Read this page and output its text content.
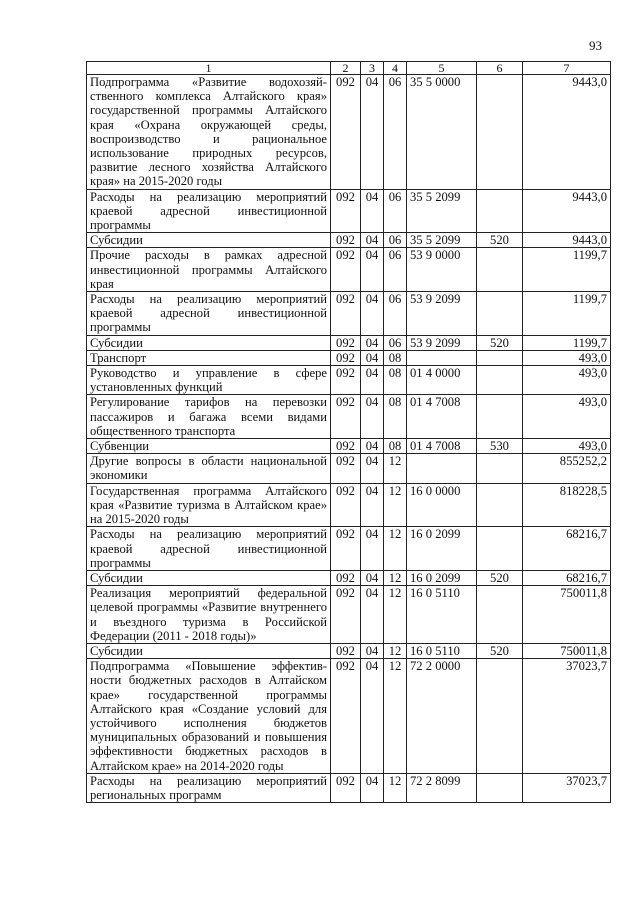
93
1	2	3	4	5	6	7
Подпрограмма «Развитие водохозяйственного комплекса Алтайского края» государственной программы Алтайского края «Охрана окружающей среды, воспроизводство и рациональное использование природных ресурсов, развитие лесного хозяйства Алтайского края» на 2015-2020 годы	092	04	06	35 5 0000		9443,0
Расходы на реализацию мероприятий краевой адресной инвестиционной программы	092	04	06	35 5 2099		9443,0
Субсидии	092	04	06	35 5 2099	520	9443,0
Прочие расходы в рамках адресной инвестиционной программы Алтайского края	092	04	06	53 9 0000		1199,7
Расходы на реализацию мероприятий краевой адресной инвестиционной программы	092	04	06	53 9 2099		1199,7
Субсидии	092	04	06	53 9 2099	520	1199,7
Транспорт	092	04	08			493,0
Руководство и управление в сфере установленных функций	092	04	08	01 4 0000		493,0
Регулирование тарифов на перевозки пассажиров и багажа всеми видами общественного транспорта	092	04	08	01 4 7008		493,0
Субвенции	092	04	08	01 4 7008	530	493,0
Другие вопросы в области национальной экономики	092	04	12			855252,2
Государственная программа Алтайского края «Развитие туризма в Алтайском крае» на 2015-2020 годы	092	04	12	16 0 0000		818228,5
Расходы на реализацию мероприятий краевой адресной инвестиционной программы	092	04	12	16 0 2099		68216,7
Субсидии	092	04	12	16 0 2099	520	68216,7
Реализация мероприятий федеральной целевой программы «Развитие внутреннего и въездного туризма в Российской Федерации (2011 - 2018 годы)»	092	04	12	16 0 5110		750011,8
Субсидии	092	04	12	16 0 5110	520	750011,8
Подпрограмма «Повышение эффективности бюджетных расходов в Алтайском крае» государственной программы Алтайского края «Создание условий для устойчивого исполнения бюджетов муниципальных образований и повышения эффективности бюджетных расходов в Алтайском крае» на 2014-2020 годы	092	04	12	72 2 0000		37023,7
Расходы на реализацию мероприятий региональных программ	092	04	12	72 2 8099		37023,7
